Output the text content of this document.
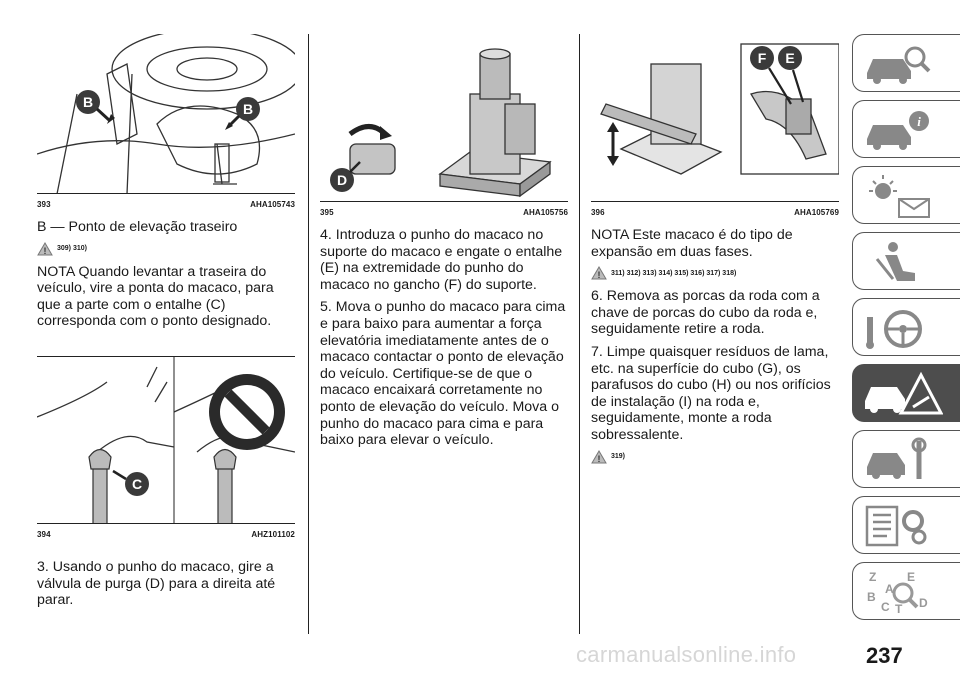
B	B
393	AHA105743

B — Ponto de elevação traseiro

! 309) 310)

NOTA Quando levantar a traseira do veículo, vire a ponta do macaco, para que a parte com o entalhe (C) corresponda com o ponto designado.

C
394	AHZ101102

3. Usando o punho do macaco, gire a válvula de purga (D) para a direita até parar.

D
395	AHA105756

4. Introduza o punho do macaco no suporte do macaco e engate o entalhe (E) na extremidade do punho do macaco no gancho (F) do suporte.

5. Mova o punho do macaco para cima e para baixo para aumentar a força elevatória imediatamente antes de o macaco contactar o ponto de elevação do veículo. Certifique-se de que o macaco encaixará corretamente no ponto de elevação do veículo. Mova o punho do macaco para cima e para baixo para elevar o veículo.

F E
396	AHA105769

NOTA Este macaco é do tipo de expansão em duas fases.

! 311) 312) 313) 314) 315) 316) 317) 318)

6. Remova as porcas da roda com a chave de porcas do cubo da roda e, seguidamente retire a roda.

7. Limpe quaisquer resíduos de lama, etc. na superfície do cubo (G), os parafusos do cubo (H) ou nos orifícios de instalação (I) na roda e, seguidamente, monte a roda sobressalente.

! 319)
i
Z	E
A
B
C T D
carmanualsonline.info	237
